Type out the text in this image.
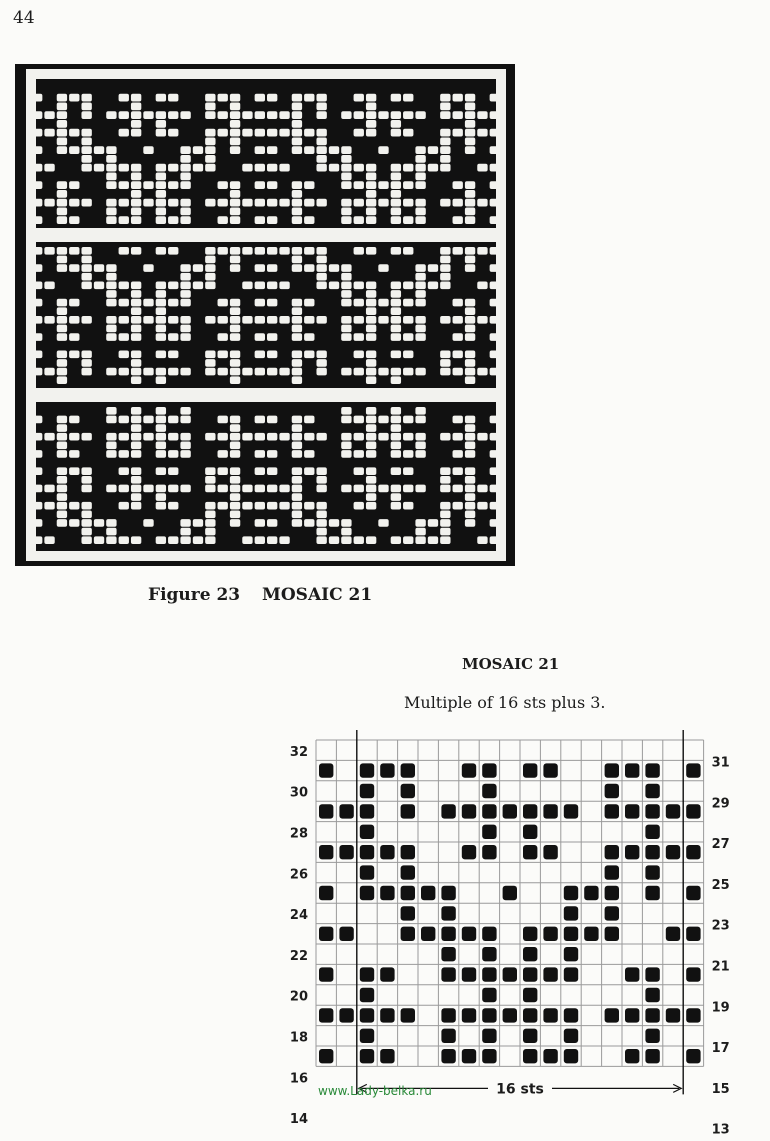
44
Figure 23 MOSAIC 21
MOSAIC 21
Multiple of 16 sts plus 3.
32
30
28
26
24
22
20
18
16
14
31
29
27
25
23
21
19
17
15
13
16 sts
www.Lady-belka.ru
